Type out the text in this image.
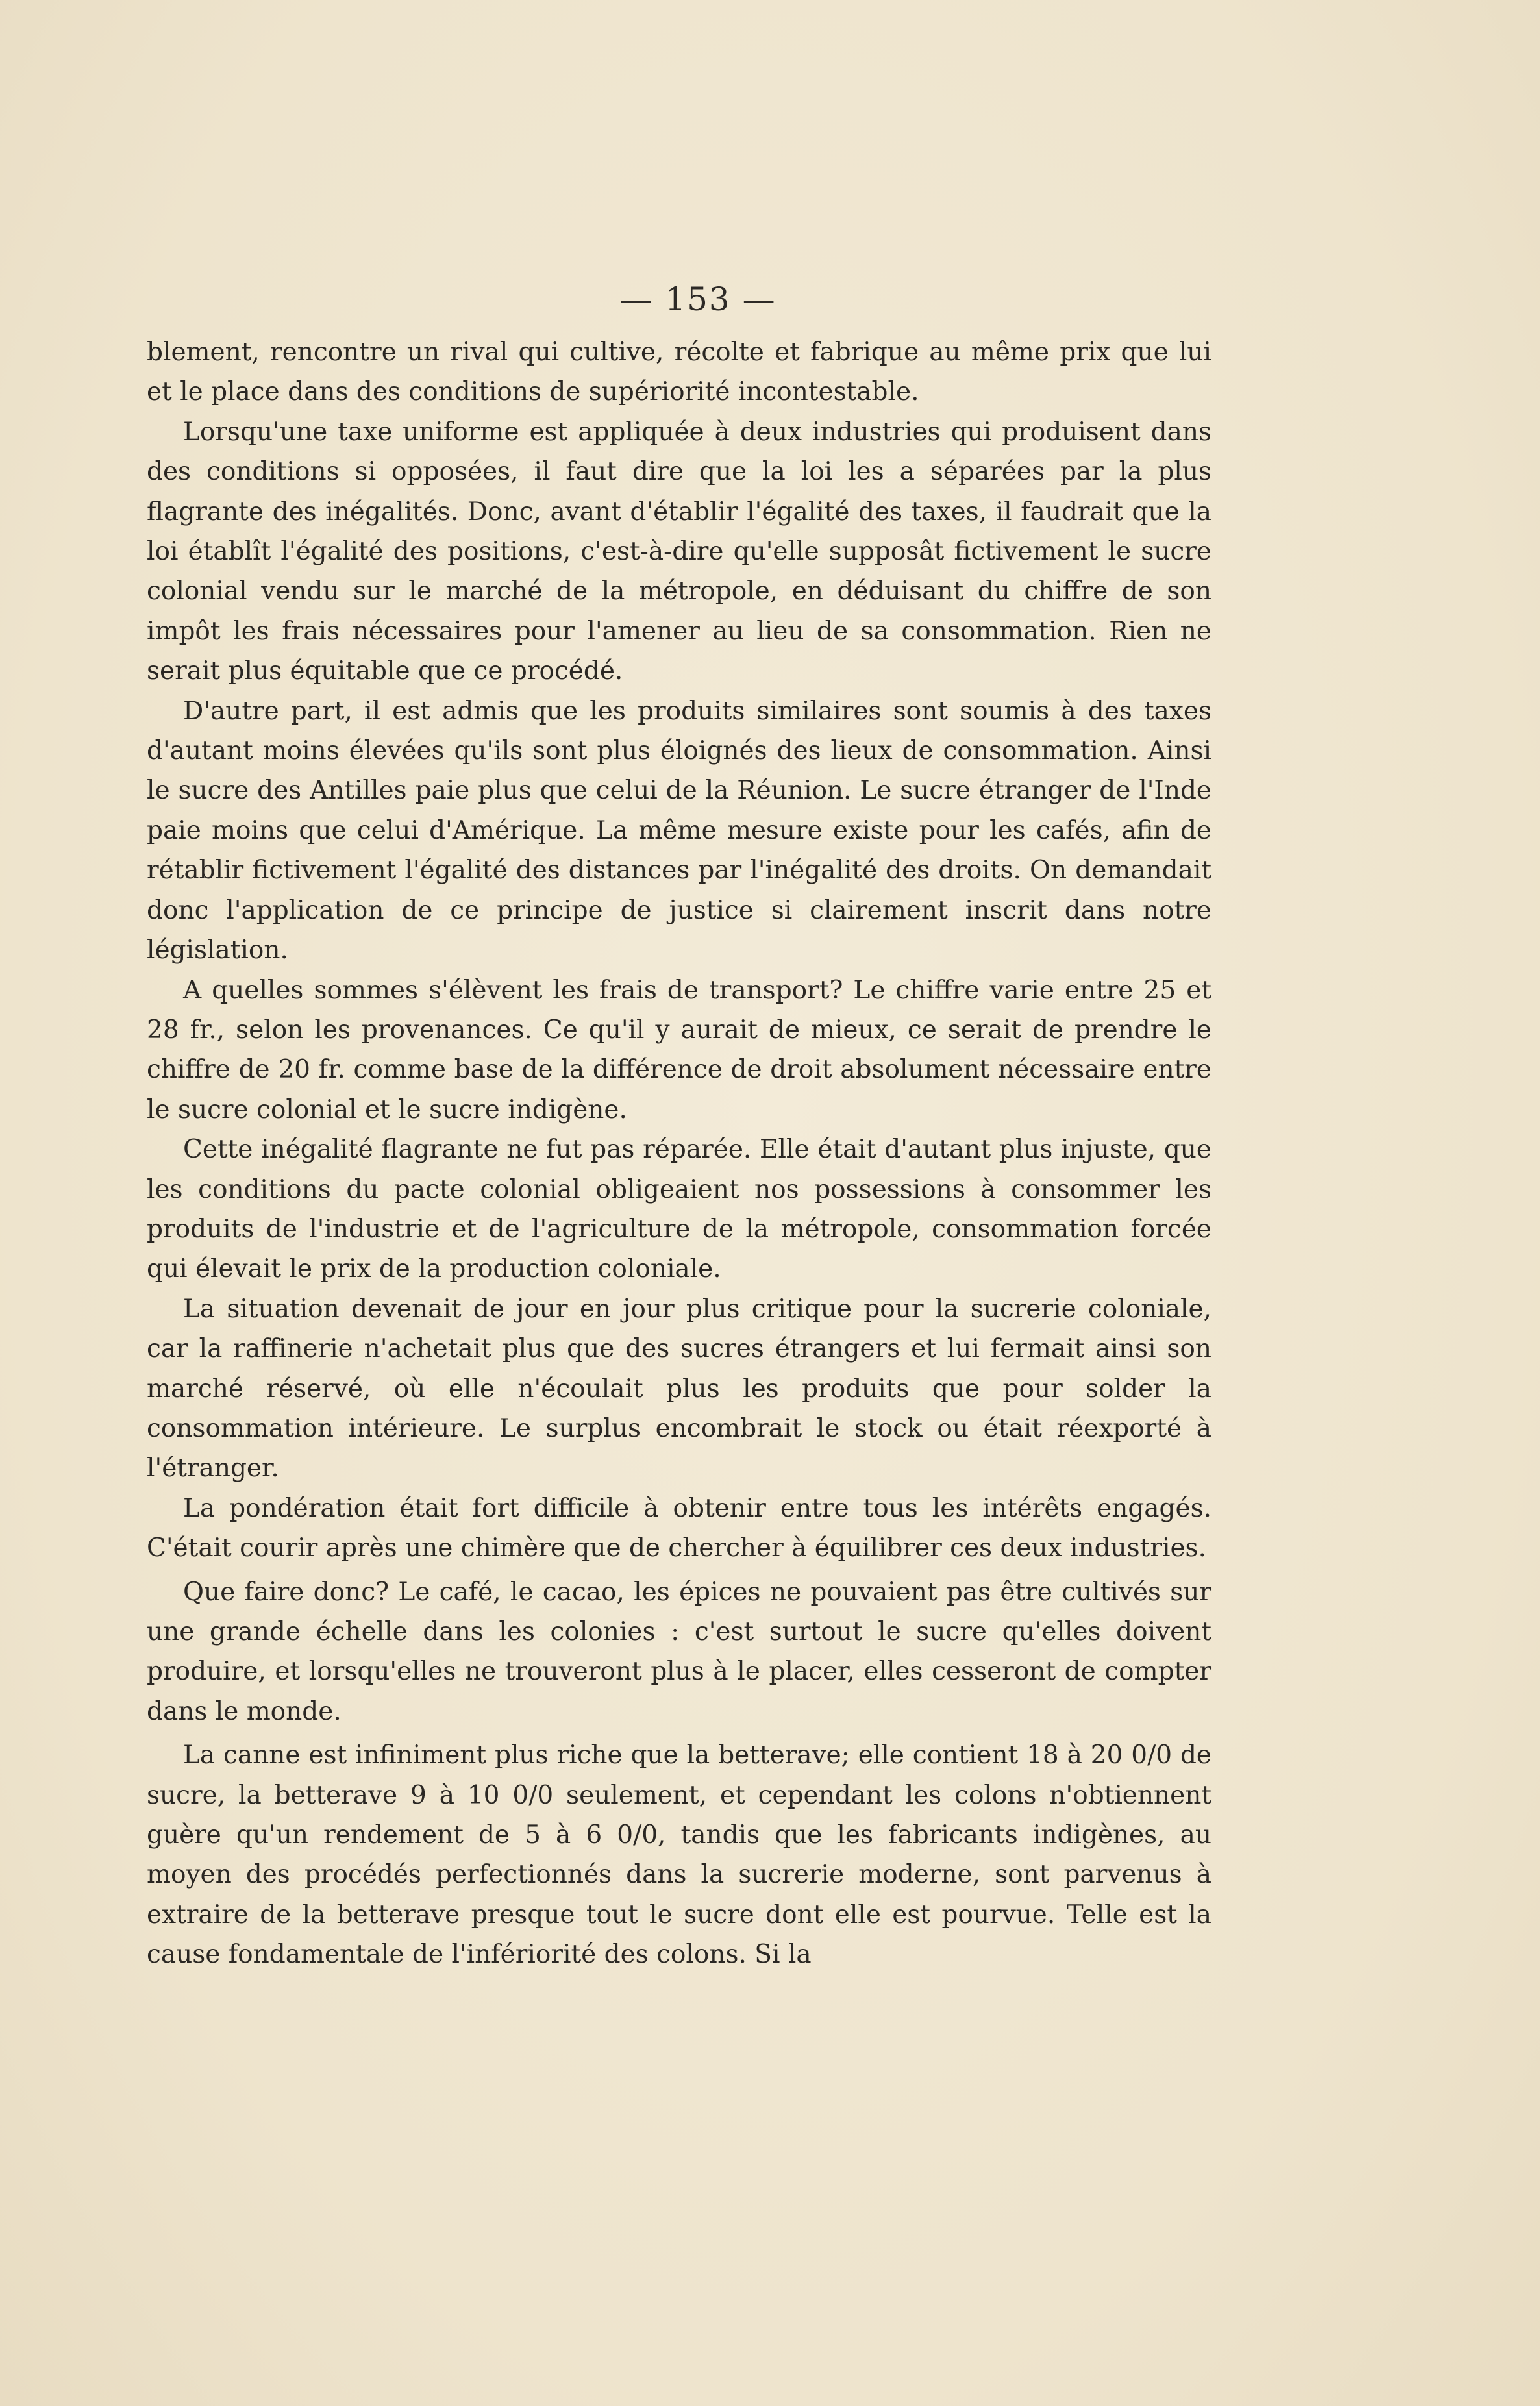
— 153 —

blement, rencontre un rival qui cultive, récolte et fabrique au même prix que lui et le place dans des conditions de supériorité incontestable.

Lorsqu'une taxe uniforme est appliquée à deux industries qui produisent dans des conditions si opposées, il faut dire que la loi les a séparées par la plus flagrante des inégalités. Donc, avant d'établir l'égalité des taxes, il faudrait que la loi établît l'égalité des positions, c'est-à-dire qu'elle supposât fictivement le sucre colonial vendu sur le marché de la métropole, en déduisant du chiffre de son impôt les frais nécessaires pour l'amener au lieu de sa consommation. Rien ne serait plus équitable que ce procédé.

D'autre part, il est admis que les produits similaires sont soumis à des taxes d'autant moins élevées qu'ils sont plus éloignés des lieux de consommation. Ainsi le sucre des Antilles paie plus que celui de la Réunion. Le sucre étranger de l'Inde paie moins que celui d'Amérique. La même mesure existe pour les cafés, afin de rétablir fictivement l'égalité des distances par l'inégalité des droits. On demandait donc l'application de ce principe de justice si clairement inscrit dans notre législation.

A quelles sommes s'élèvent les frais de transport? Le chiffre varie entre 25 et 28 fr., selon les provenances. Ce qu'il y aurait de mieux, ce serait de prendre le chiffre de 20 fr. comme base de la différence de droit absolument nécessaire entre le sucre colonial et le sucre indigène.

Cette inégalité flagrante ne fut pas réparée. Elle était d'autant plus injuste, que les conditions du pacte colonial obligeaient nos possessions à consommer les produits de l'industrie et de l'agriculture de la métropole, consommation forcée qui élevait le prix de la production coloniale.

La situation devenait de jour en jour plus critique pour la sucrerie coloniale, car la raffinerie n'achetait plus que des sucres étrangers et lui fermait ainsi son marché réservé, où elle n'écoulait plus les produits que pour solder la consommation intérieure. Le surplus encombrait le stock ou était réexporté à l'étranger.

La pondération était fort difficile à obtenir entre tous les intérêts engagés. C'était courir après une chimère que de chercher à équilibrer ces deux industries.

Que faire donc? Le café, le cacao, les épices ne pouvaient pas être cultivés sur une grande échelle dans les colonies : c'est surtout le sucre qu'elles doivent produire, et lorsqu'elles ne trouveront plus à le placer, elles cesseront de compter dans le monde.

La canne est infiniment plus riche que la betterave; elle contient 18 à 20 0/0 de sucre, la betterave 9 à 10 0/0 seulement, et cependant les colons n'obtiennent guère qu'un rendement de 5 à 6 0/0, tandis que les fabricants indigènes, au moyen des procédés perfectionnés dans la sucrerie moderne, sont parvenus à extraire de la betterave presque tout le sucre dont elle est pourvue. Telle est la cause fondamentale de l'infériorité des colons. Si la
